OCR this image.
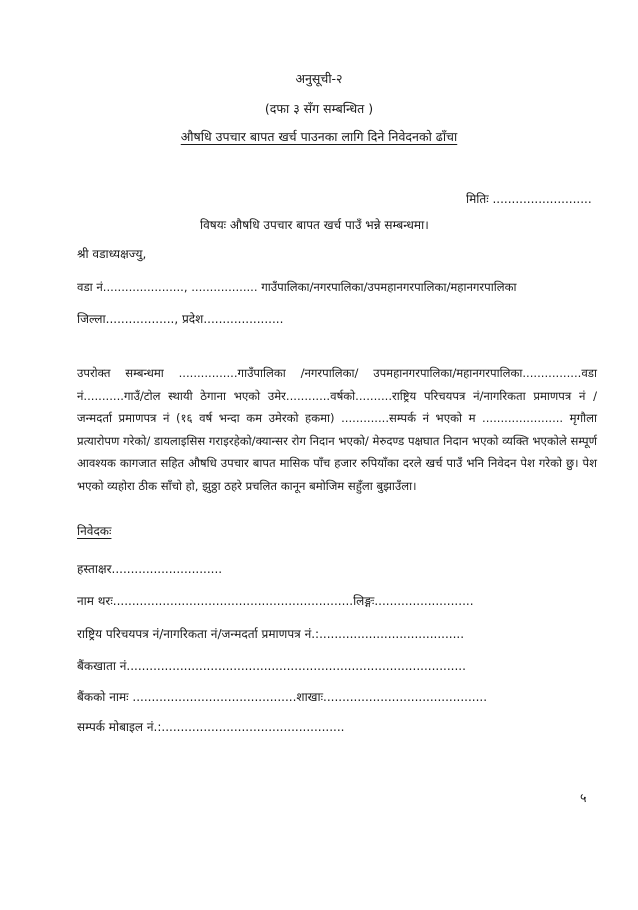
अनुसूची-२
(दफा ३ सँग सम्बन्धित )
औषधि उपचार बापत खर्च पाउनका लागि दिने निवेदनको ढाँचा
मितिः ..........................
विषयः औषधि उपचार बापत खर्च पाउँ भन्ने सम्बन्धमा।
श्री वडाध्यक्षज्यु,
वडा नं......................, .................. गाउँपालिका/नगरपालिका/उपमहानगरपालिका/महानगरपालिका
जिल्ला.................., प्रदेश.....................
उपरोक्त सम्बन्धमा ................गाउँपालिका /नगरपालिका/ उपमहानगरपालिका/महानगरपालिका................वडा नं...........गाउँ/टोल स्थायी ठेगाना भएको उमेर............वर्षको..........राष्ट्रिय परिचयपत्र नं/नागरिकता प्रमाणपत्र नं / जन्मदर्ता प्रमाणपत्र नं (१६ वर्ष भन्दा कम उमेरको हकमा) .............सम्पर्क नं भएको म ...................... मृगौला प्रत्यारोपण गरेको/ डायलाइसिस गराइरहेको/क्यान्सर रोग निदान भएको/ मेरुदण्ड पक्षघात निदान भएको व्यक्ति भएकोले सम्पूर्ण आवश्यक कागजात सहित औषधि उपचार बापत मासिक पाँच हजार रुपियाँका दरले खर्च पाउँ भनि निवेदन पेश गरेको छु। पेश भएको व्यहोरा ठीक साँचो हो, झुठ्ठा ठहरे प्रचलित कानून बमोजिम सहुँला बुझाउँला।
निवेदकः
हस्ताक्षर.............................
नाम थरः...............................................................लिङ्गः..........................
राष्ट्रिय परिचयपत्र नं/नागरिकता नं/जन्मदर्ता प्रमाणपत्र नं.:......................................
बैंकखाता नं.........................................................................................
बैंकको नामः ...........................................शाखाः...........................................
सम्पर्क मोबाइल नं.:................................................
५
